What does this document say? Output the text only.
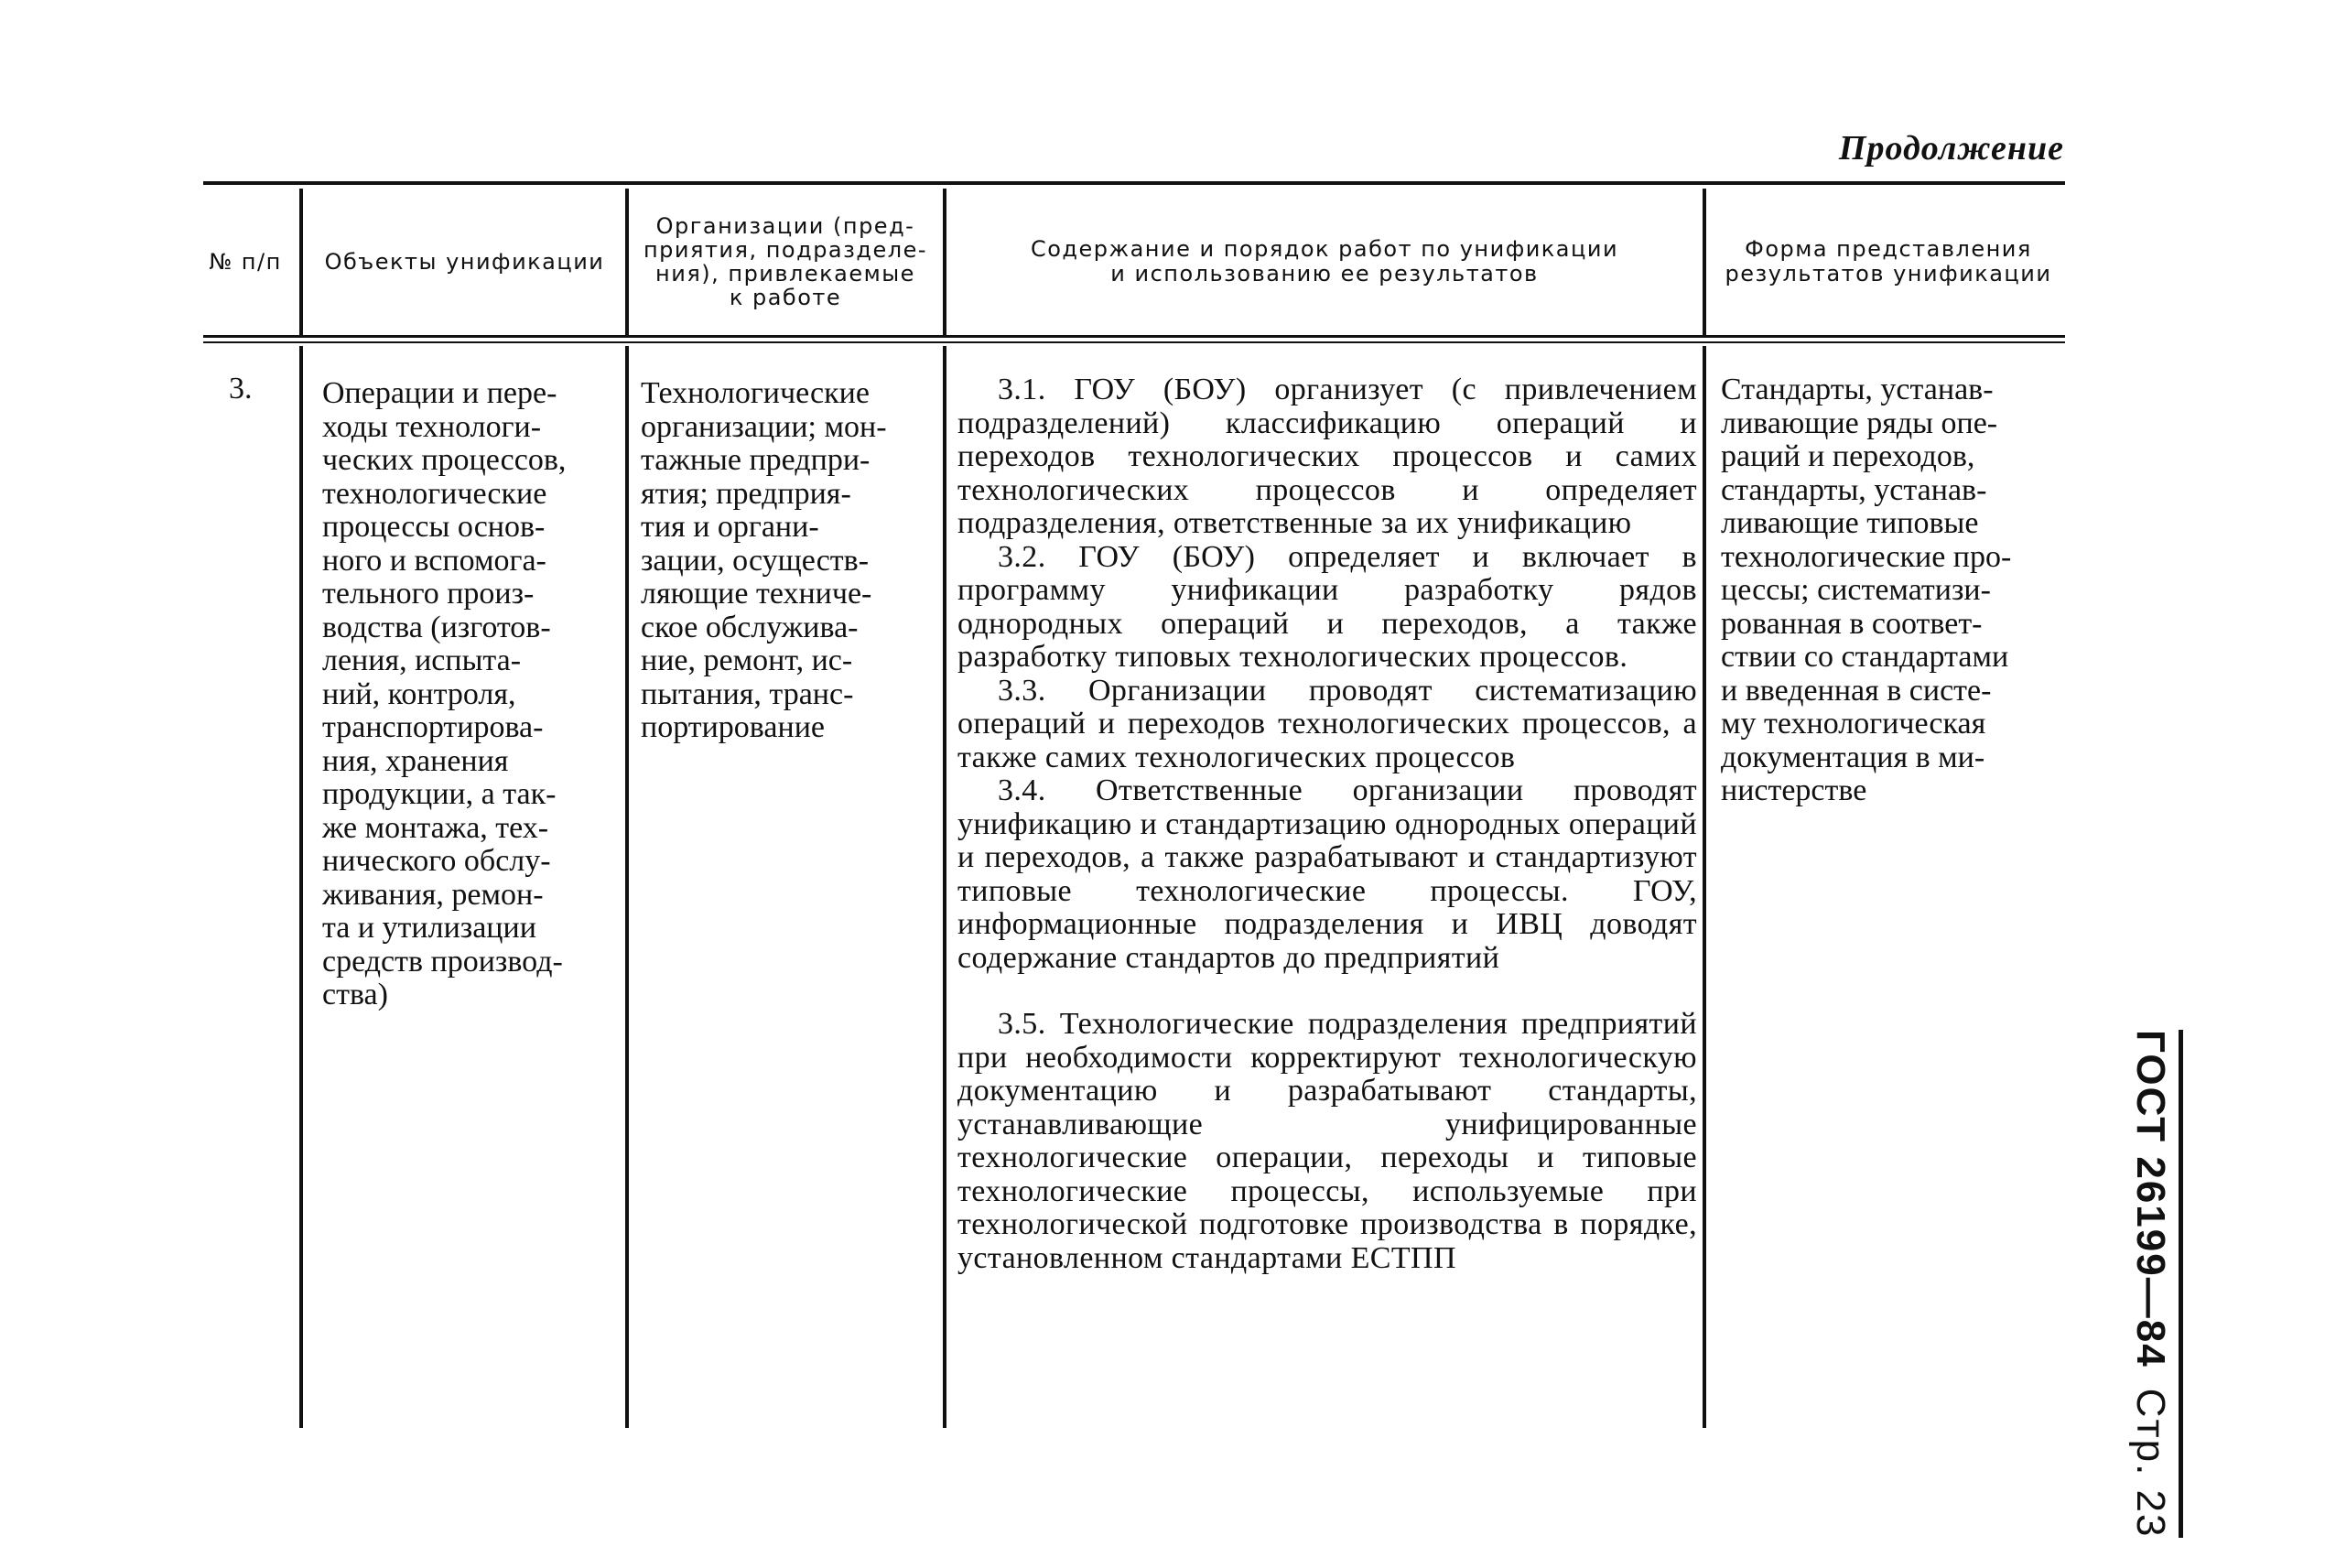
Продолжение
№ п/п	Объекты унификации
Организации (пред-
приятия, подразделе-
ния), привлекаемые
к работе
Содержание и порядок работ по унификации
и использованию ее результатов
Форма представления
результатов унификации
3. Операции и пере-
ходы технологи-
ческих процессов,
технологические
процессы основ-
ного и вспомога-
тельного произ-
водства (изготов-
ления, испыта-
ний, контроля,
транспортирова-
ния, хранения
продукции, а так-
же монтажа, тех-
нического обслу-
живания, ремон-
та и утилизации
средств производ-
ства)
Технологические
организации; мон-
тажные предпри-
ятия; предприя-
тия и органи-
зации, осуществ-
ляющие техниче-
ское обслужива-
ние, ремонт, ис-
пытания, транс-
портирование

3.1. ГОУ (БОУ) организует (с привлечением подразделений) классификацию операций и переходов технологических процессов и самих технологических процессов и определяет подразделения, ответственные за их унификацию

3.2. ГОУ (БОУ) определяет и включает в программу унификации разработку рядов однородных операций и переходов, а также разработку типовых технологических процессов.

3.3. Организации проводят систематизацию операций и переходов технологических процессов, а также самих технологических процессов

3.4. Ответственные организации проводят унификацию и стандартизацию однородных операций и переходов, а также разрабатывают и стандартизуют типовые технологические процессы. ГОУ, информационные подразделения и ИВЦ доводят содержание стандартов до предприятий

3.5. Технологические подразделения предприятий при необходимости корректируют технологическую документацию и разрабатывают стандарты, устанавливающие унифицированные технологические операции, переходы и типовые технологические процессы, используемые при технологической подготовке производства в порядке, установленном стандартами ЕСТПП

Стандарты, устанав-
ливающие ряды опе-
раций и переходов,
стандарты, устанав-
ливающие типовые
технологические про-
цессы; систематизи-
рованная в соответ-
ствии со стандартами
и введенная в систе-
му технологическая
документация в ми-
нистерстве
ГОСТ 26199—84Стр. 23
